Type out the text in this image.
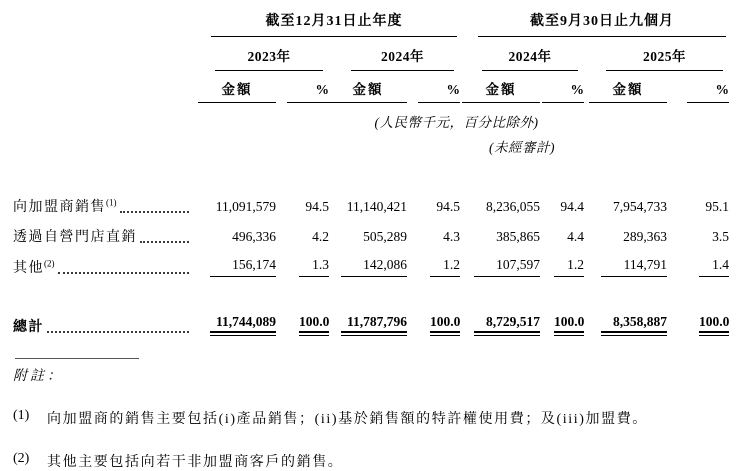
	截至12月31日止年度				截至9月30日止九個月			

	2023年		2024年		2024年		2025年	

	金額	%	金額	%	金額	%	金額	%
			(人民幣千元，百分比除外)					
					(未經審計)			

向加盟商銷售$^{(1)}$	11,091,579	94.5	11,140,421	94.5	8,236,055	94.4	7,954,733	95.1

透過自營門店直銷	496,336	4.2	505,289	4.3	385,865	4.4	289,363	3.5

其他$^{(2)}$	156,174	1.3	142,086	1.2	107,597	1.2	114,791	1.4

總計	11,744,089	100.0	11,787,796	100.0	8,729,517	100.0	8,358,887	100.0
附註：
(1)	向加盟商的銷售主要包括(i)產品銷售；(ii)基於銷售額的特許權使用費；及(iii)加盟費。
(2)	其他主要包括向若干非加盟商客戶的銷售。
